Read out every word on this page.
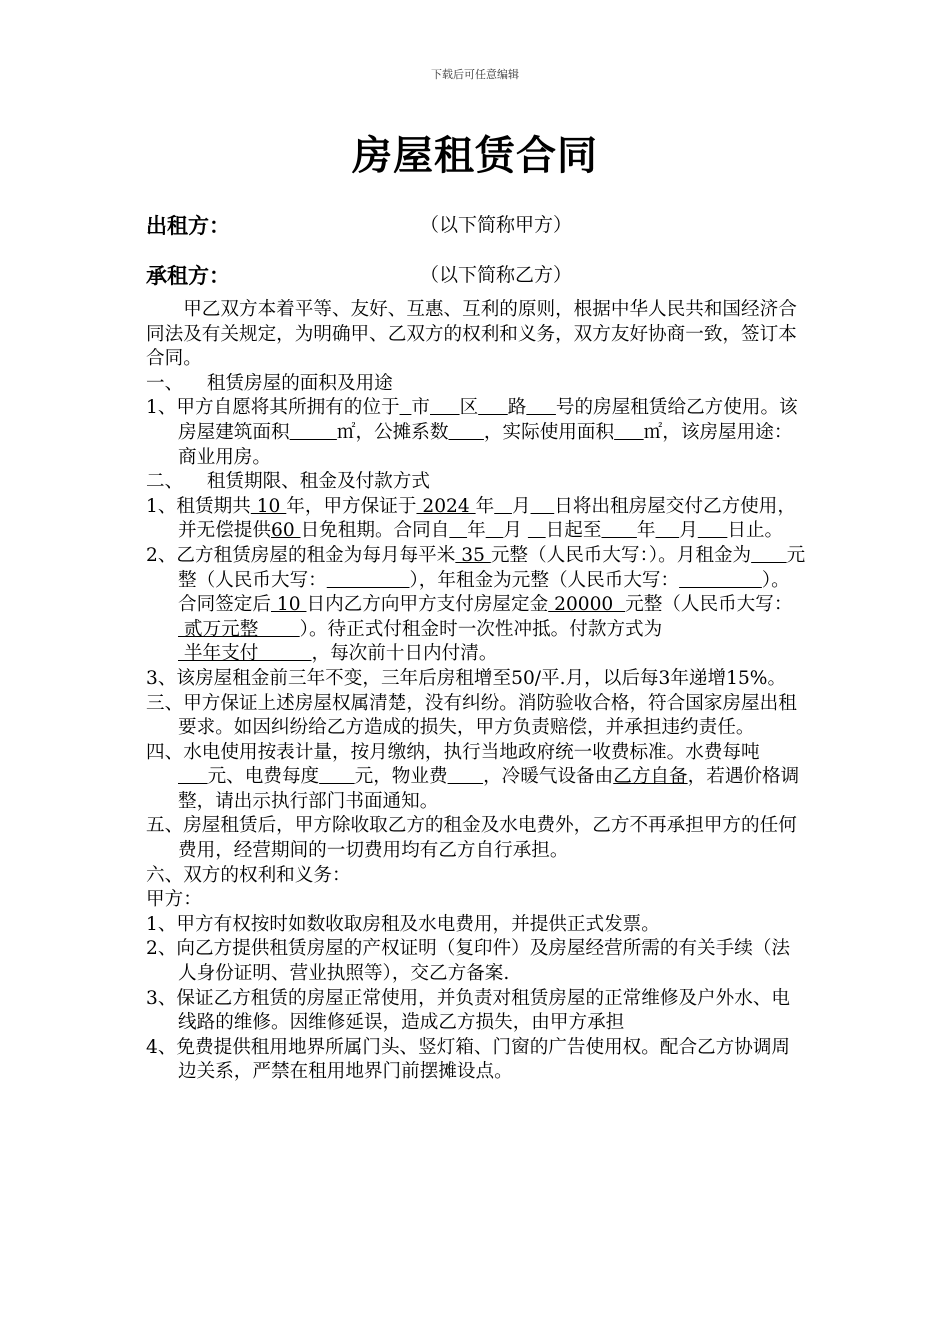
下载后可任意编辑
房屋租赁合同
出租方：	（以下简称甲方）
承租方：	（以下简称乙方）

甲乙双方本着平等、友好、互惠、互利的原则，根据中华人民共和国经济合同法及有关规定，为明确甲、乙双方的权利和义务，双方友好协商一致，签订本合同。

一、    租赁房屋的面积及用途

1、甲方自愿将其所拥有的位于 市 区 路 号的房屋租赁给乙方使用。该房屋建筑面积	㎡，公摊系数 ，实际使用面积 ㎡，该房屋用途：商业用房。

二、    租赁期限、租金及付款方式

1、租赁期共 10 年，甲方保证于 2024 年 月 日将出租房屋交付乙方使用，并无偿提供60 日免租期。合同自 年 月    日起至 年 月 日止。

2、乙方租赁房屋的租金为每月每平米 35 元整（人民币大写：）。月租金为 元整（人民币大写：	），年租金为元整（人民币大写：	）。合同签定后 10 日内乙方向甲方支付房屋定金 20000  元整（人民币大写： 贰万元整       ）。待正式付租金时一次性冲抵。付款方式为 半年支付         ，每次前十日内付清。

3、该房屋租金前三年不变，三年后房租增至50/平.月，以后每3年递增15%。

三、甲方保证上述房屋权属清楚，没有纠纷。消防验收合格，符合国家房屋出租要求。如因纠纷给乙方造成的损失，甲方负责赔偿，并承担违约责任。

四、水电使用按表计量，按月缴纳，执行当地政府统一收费标准。水费每吨     元、电费每度 元，物业费 ，冷暖气设备由乙方自备，若遇价格调整，请出示执行部门书面通知。

五、房屋租赁后，甲方除收取乙方的租金及水电费外，乙方不再承担甲方的任何费用，经营期间的一切费用均有乙方自行承担。

六、双方的权利和义务：

甲方：

1、甲方有权按时如数收取房租及水电费用，并提供正式发票。

2、向乙方提供租赁房屋的产权证明（复印件）及房屋经营所需的有关手续（法人身份证明、营业执照等），交乙方备案.

3、保证乙方租赁的房屋正常使用，并负责对租赁房屋的正常维修及户外水、电线路的维修。因维修延误，造成乙方损失，由甲方承担

4、免费提供租用地界所属门头、竖灯箱、门窗的广告使用权。配合乙方协调周边关系，严禁在租用地界门前摆摊设点。
